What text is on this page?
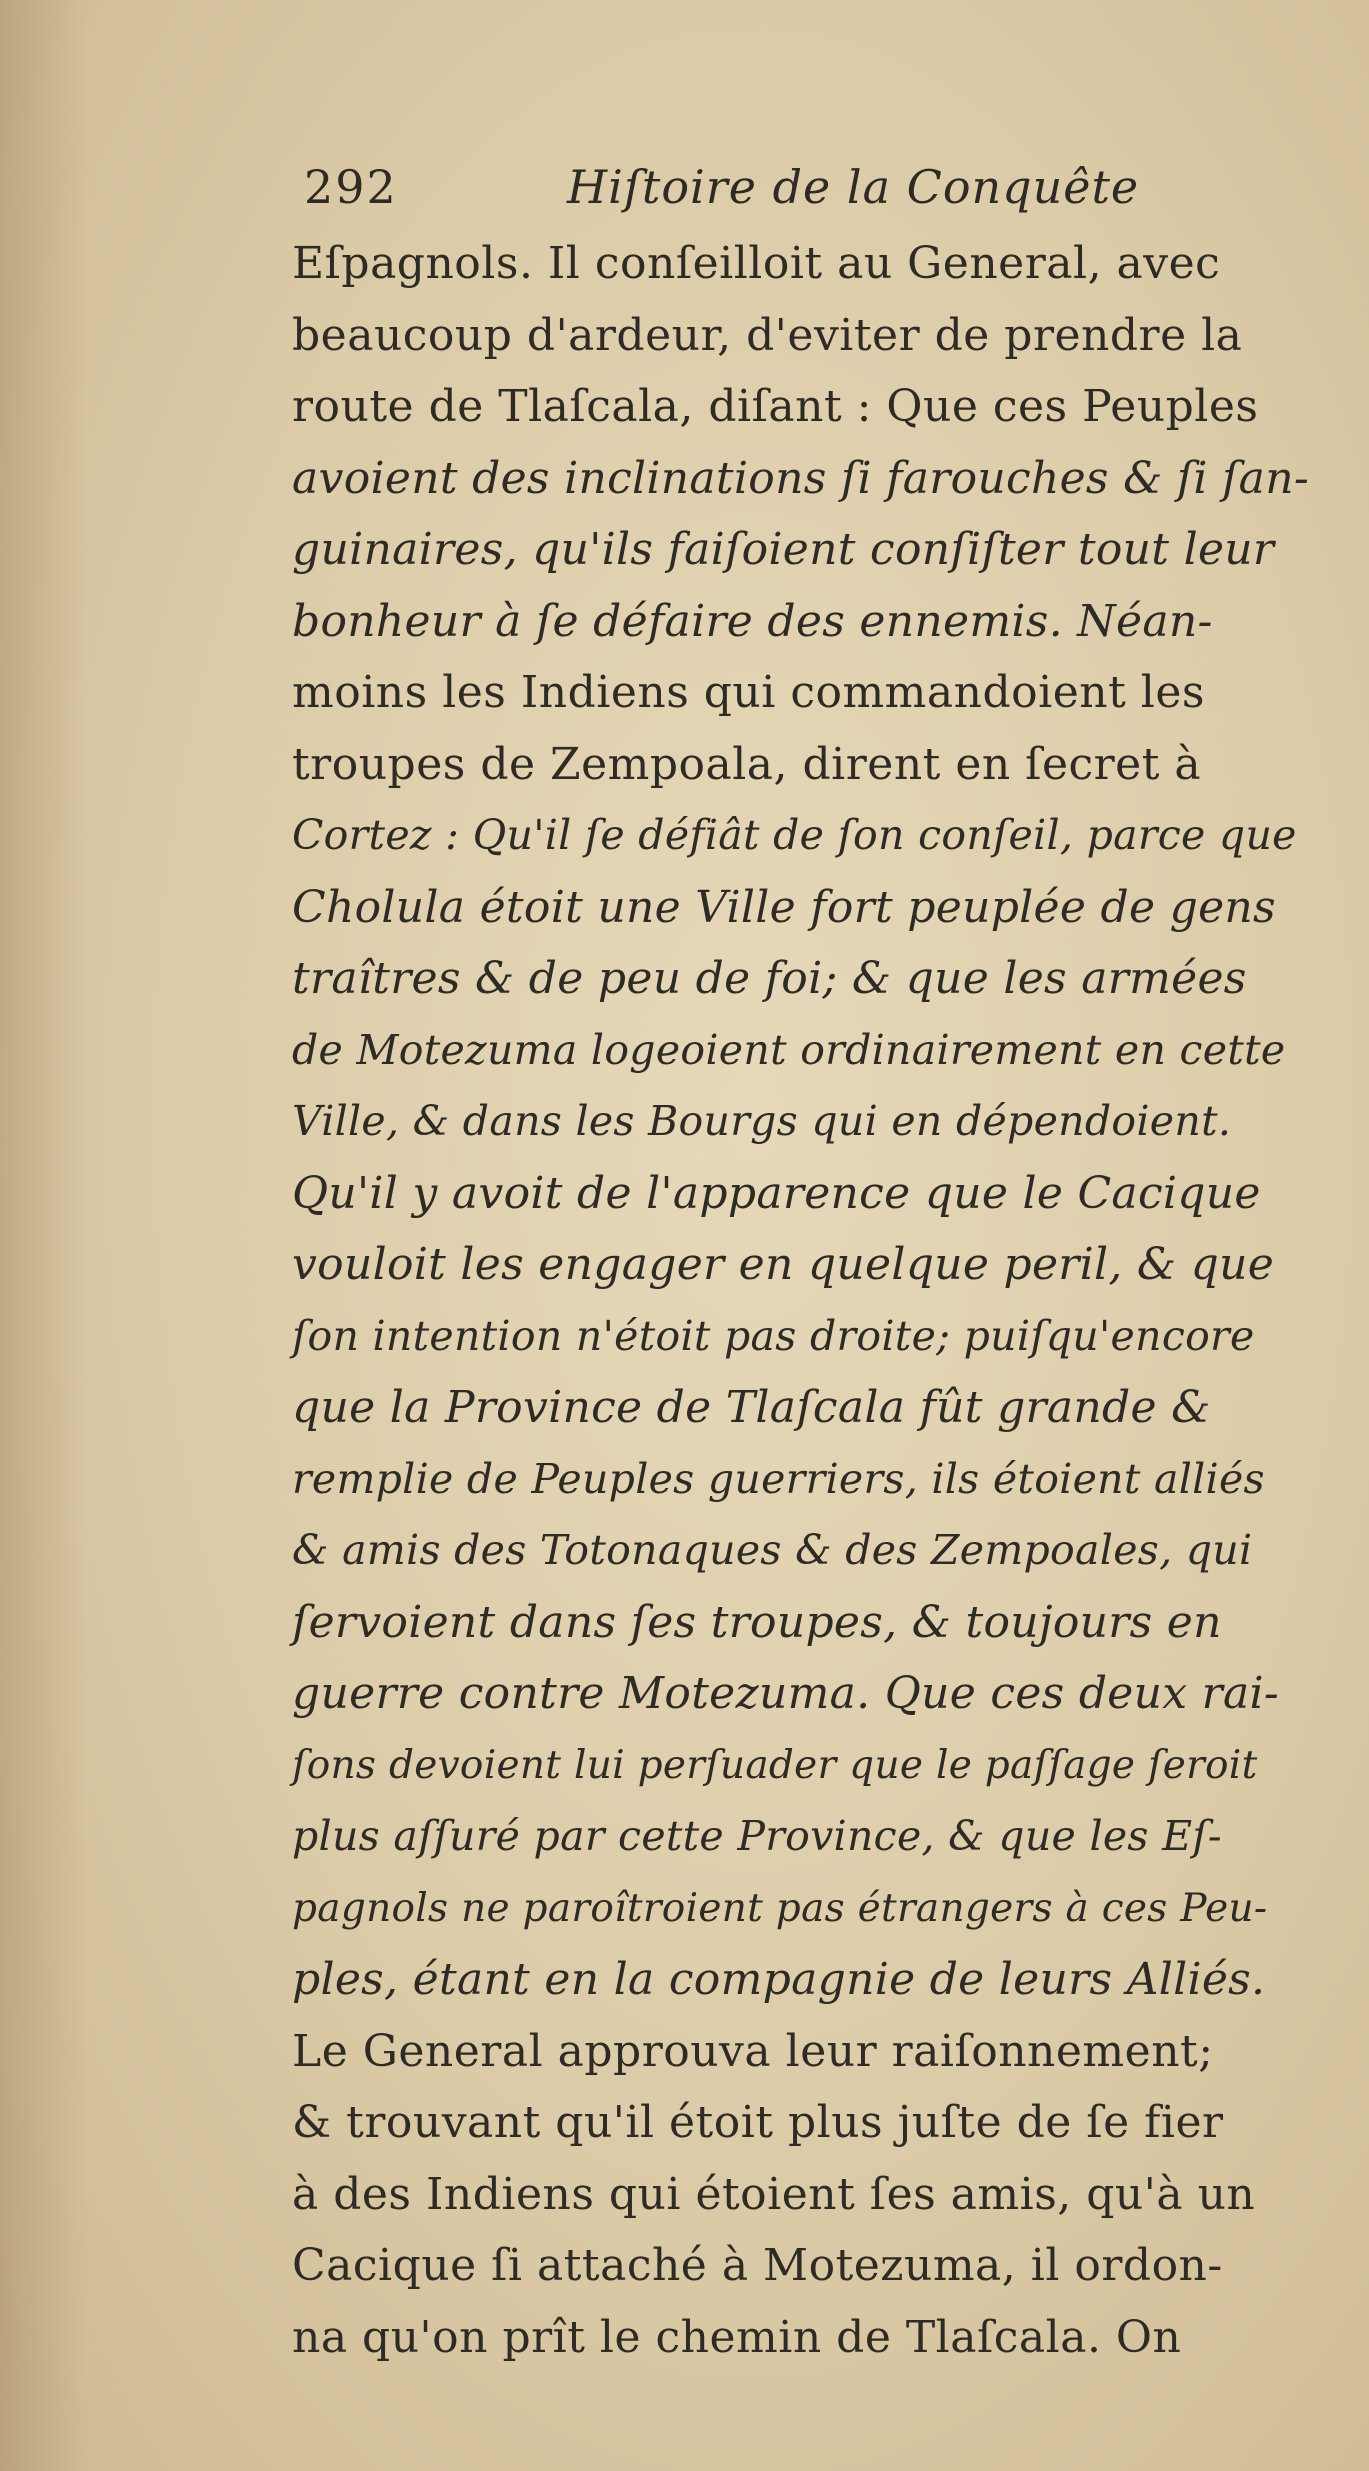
292	Hiſtoire de la Conquête
Eſpagnols. Il conſeilloit au General, avec
beaucoup d'ardeur, d'eviter de prendre la
route de Tlaſcala, diſant : Que ces Peuples
avoient des inclinations ſi farouches & ſi ſan-
guinaires, qu'ils faiſoient conſiſter tout leur
bonheur à ſe défaire des ennemis. Néan-
moins les Indiens qui commandoient les
troupes de Zempoala, dirent en ſecret à
Cortez : Qu'il ſe défiât de ſon conſeil, parce que
Cholula étoit une Ville fort peuplée de gens
traîtres & de peu de foi; & que les armées
de Motezuma logeoient ordinairement en cette
Ville, & dans les Bourgs qui en dépendoient.
Qu'il y avoit de l'apparence que le Cacique
vouloit les engager en quelque peril, & que
ſon intention n'étoit pas droite; puiſqu'encore
que la Province de Tlaſcala fût grande &
remplie de Peuples guerriers, ils étoient alliés
& amis des Totonaques & des Zempoales, qui
ſervoient dans ſes troupes, & toujours en
guerre contre Motezuma. Que ces deux rai-
ſons devoient lui perſuader que le paſſage ſeroit
plus aſſuré par cette Province, & que les Eſ-
pagnols ne paroîtroient pas étrangers à ces Peu-
ples, étant en la compagnie de leurs Alliés.
Le General approuva leur raiſonnement;
& trouvant qu'il étoit plus juſte de ſe fier
à des Indiens qui étoient ſes amis, qu'à un
Cacique ſi attaché à Motezuma, il ordon-
na qu'on prît le chemin de Tlaſcala. On
